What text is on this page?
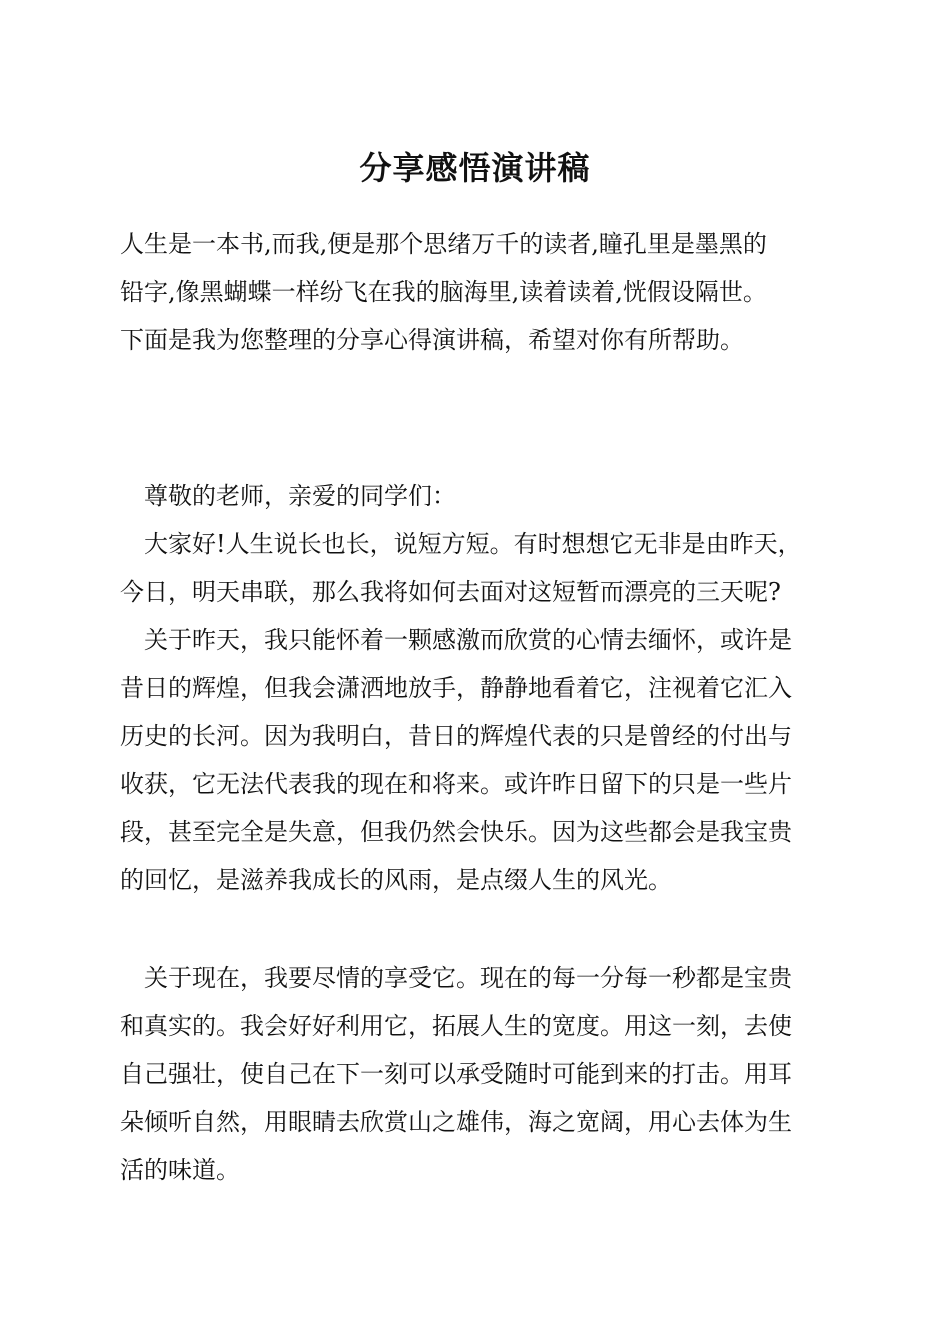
分享感悟演讲稿

人生是一本书,而我,便是那个思绪万千的读者,瞳孔里是墨黑的

铅字,像黑蝴蝶一样纷飞在我的脑海里,读着读着,恍假设隔世。

下面是我为您整理的分享心得演讲稿，希望对你有所帮助。

尊敬的老师，亲爱的同学们：

大家好!人生说长也长，说短方短。有时想想它无非是由昨天，

今日，明天串联，那么我将如何去面对这短暂而漂亮的三天呢?

关于昨天，我只能怀着一颗感激而欣赏的心情去缅怀，或许是

昔日的辉煌，但我会潇洒地放手，静静地看着它，注视着它汇入

历史的长河。因为我明白，昔日的辉煌代表的只是曾经的付出与

收获，它无法代表我的现在和将来。或许昨日留下的只是一些片

段，甚至完全是失意，但我仍然会快乐。因为这些都会是我宝贵

的回忆，是滋养我成长的风雨，是点缀人生的风光。

关于现在，我要尽情的享受它。现在的每一分每一秒都是宝贵

和真实的。我会好好利用它，拓展人生的宽度。用这一刻，去使

自己强壮，使自己在下一刻可以承受随时可能到来的打击。用耳

朵倾听自然，用眼睛去欣赏山之雄伟，海之宽阔，用心去体为生

活的味道。
